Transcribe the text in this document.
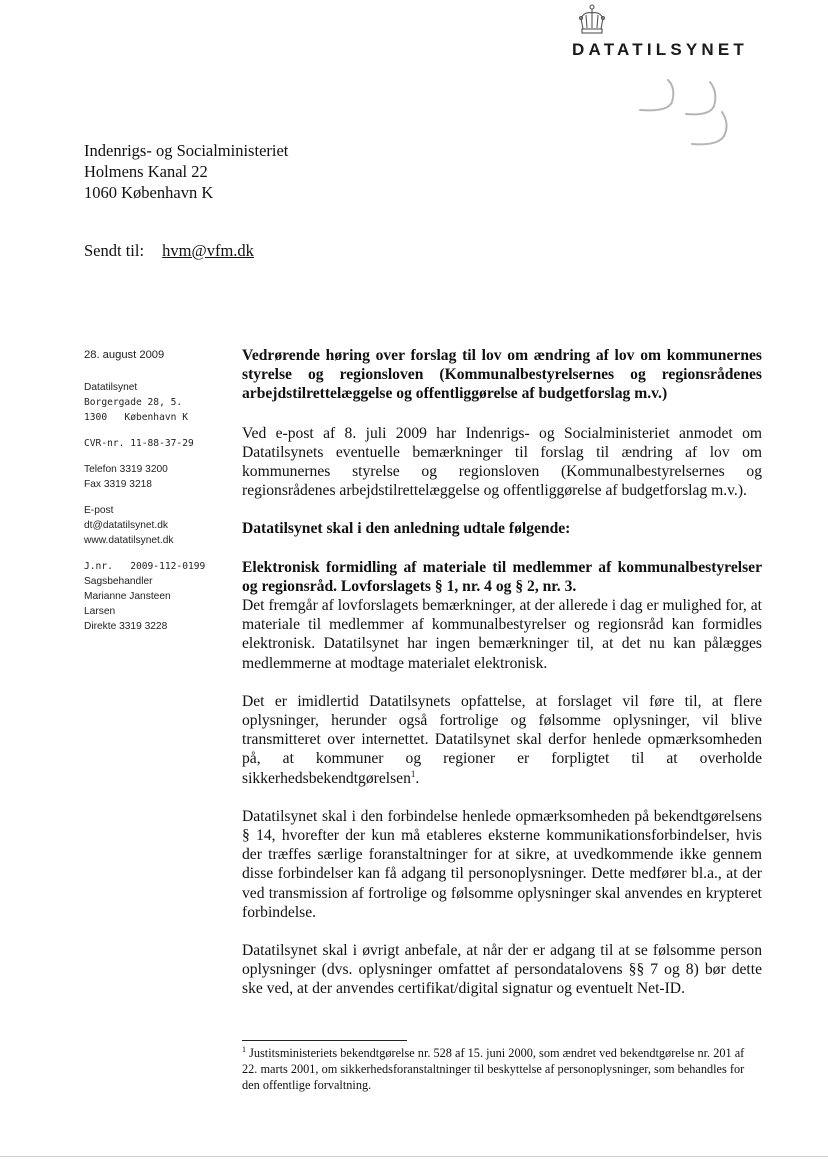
DATATILSYNET
Indenrigs- og Socialministeriet
Holmens Kanal 22
1060 København K
Sendt til: hvm@vfm.dk
28. august 2009
Datatilsynet
Borgergade 28, 5.
1300   København K
CVR-nr. 11-88-37-29
Telefon 3319 3200
Fax 3319 3218
E-post
dt@datatilsynet.dk
www.datatilsynet.dk
J.nr.   2009-112-0199
Sagsbehandler
Marianne Jansteen
Larsen
Direkte 3319 3228

Vedrørende høring over forslag til lov om ændring af lov om kommunernes styrelse og regionsloven (Kommunalbestyrelsernes og regionsrådenes arbejdstilrettelæggelse og offentliggørelse af budgetforslag m.v.)

Ved e-post af 8. juli 2009 har Indenrigs- og Socialministeriet anmodet om Datatilsynets eventuelle bemærkninger til forslag til ændring af lov om kommunernes styrelse og regionsloven (Kommunalbestyrelsernes og regionsrådenes arbejdstilrettelæggelse og offentliggørelse af budgetforslag m.v.).

Datatilsynet skal i den anledning udtale følgende:

Elektronisk formidling af materiale til medlemmer af kommunalbestyrelser og regionsråd. Lovforslagets § 1, nr. 4 og § 2, nr. 3.

Det fremgår af lovforslagets bemærkninger, at der allerede i dag er mulighed for, at materiale til medlemmer af kommunalbestyrelser og regionsråd kan formidles elektronisk. Datatilsynet har ingen bemærkninger til, at det nu kan pålægges medlemmerne at modtage materialet elektronisk.

Det er imidlertid Datatilsynets opfattelse, at forslaget vil føre til, at flere oplysninger, herunder også fortrolige og følsomme oplysninger, vil blive transmitteret over internettet. Datatilsynet skal derfor henlede opmærksomheden på, at kommuner og regioner er forpligtet til at overholde sikkerhedsbekendtgørelsen$^1$.

Datatilsynet skal i den forbindelse henlede opmærksomheden på bekendtgørelsens § 14, hvorefter der kun må etableres eksterne kommunikationsforbindelser, hvis der træffes særlige foranstaltninger for at sikre, at uvedkommende ikke gennem disse forbindelser kan få adgang til personoplysninger. Dette medfører bl.a., at der ved transmission af fortrolige og følsomme oplysninger skal anvendes en krypteret forbindelse.

Datatilsynet skal i øvrigt anbefale, at når der er adgang til at se følsomme person oplysninger (dvs. oplysninger omfattet af persondatalovens §§ 7 og 8) bør dette ske ved, at der anvendes certifikat/digital signatur og eventuelt Net-ID.

$^1$ Justitsministeriets bekendtgørelse nr. 528 af 15. juni 2000, som ændret ved bekendtgørelse nr. 201 af 22. marts 2001, om sikkerhedsforanstaltninger til beskyttelse af personoplysninger, som behandles for den offentlige forvaltning.
